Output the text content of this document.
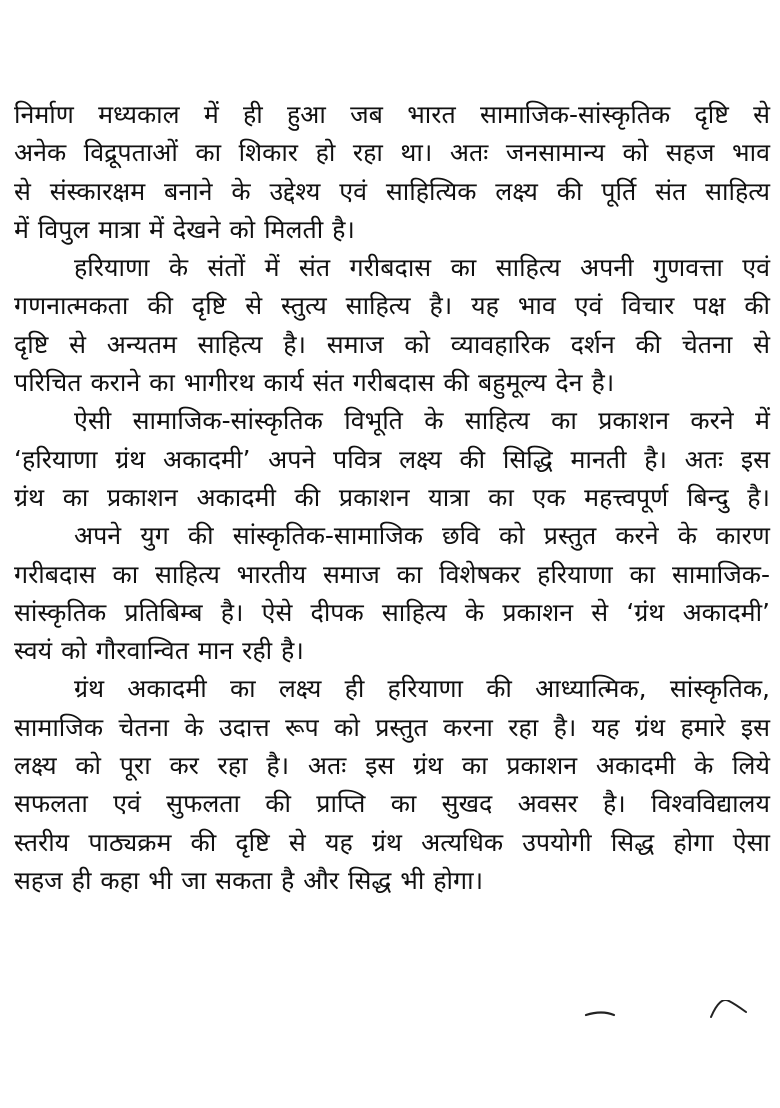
निर्माण मध्यकाल में ही हुआ जब भारत सामाजिक-सांस्कृतिक दृष्टि से
अनेक विद्रूपताओं का शिकार हो रहा था। अतः जनसामान्य को सहज भाव
से संस्कारक्षम बनाने के उद्देश्य एवं साहित्यिक लक्ष्य की पूर्ति संत साहित्य
में विपुल मात्रा में देखने को मिलती है।
हरियाणा के संतों में संत गरीबदास का साहित्य अपनी गुणवत्ता एवं
गणनात्मकता की दृष्टि से स्तुत्य साहित्य है। यह भाव एवं विचार पक्ष की
दृष्टि से अन्यतम साहित्य है। समाज को व्यावहारिक दर्शन की चेतना से
परिचित कराने का भागीरथ कार्य संत गरीबदास की बहुमूल्य देन है।
ऐसी सामाजिक-सांस्कृतिक विभूति के साहित्य का प्रकाशन करने में
‘हरियाणा ग्रंथ अकादमी’ अपने पवित्र लक्ष्य की सिद्धि मानती है। अतः इस
ग्रंथ का प्रकाशन अकादमी की प्रकाशन यात्रा का एक महत्त्वपूर्ण बिन्दु है।
अपने युग की सांस्कृतिक-सामाजिक छवि को प्रस्तुत करने के कारण
गरीबदास का साहित्य भारतीय समाज का विशेषकर हरियाणा का सामाजिक-
सांस्कृतिक प्रतिबिम्ब है। ऐसे दीपक साहित्य के प्रकाशन से ‘ग्रंथ अकादमी’
स्वयं को गौरवान्वित मान रही है।
ग्रंथ अकादमी का लक्ष्य ही हरियाणा की आध्यात्मिक, सांस्कृतिक,
सामाजिक चेतना के उदात्त रूप को प्रस्तुत करना रहा है। यह ग्रंथ हमारे इस
लक्ष्य को पूरा कर रहा है। अतः इस ग्रंथ का प्रकाशन अकादमी के लिये
सफलता एवं सुफलता की प्राप्ति का सुखद अवसर है। विश्वविद्यालय
स्तरीय पाठ्यक्रम की दृष्टि से यह ग्रंथ अत्यधिक उपयोगी सिद्ध होगा ऐसा
सहज ही कहा भी जा सकता है और सिद्ध भी होगा।
